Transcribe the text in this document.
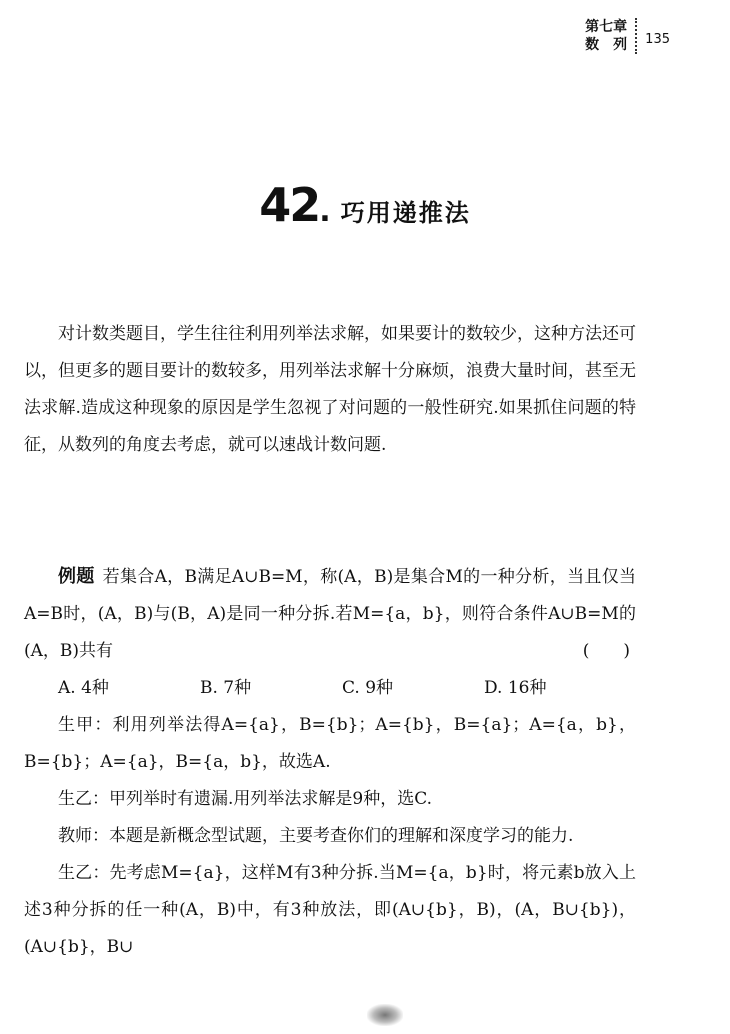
第七章
数　列	135
42. 巧用递推法

对计数类题目，学生往往利用列举法求解，如果要计的数较少，这种方法还可以，但更多的题目要计的数较多，用列举法求解十分麻烦，浪费大量时间，甚至无法求解.造成这种现象的原因是学生忽视了对问题的一般性研究.如果抓住问题的特征，从数列的角度去考虑，就可以速战计数问题.

例题 若集合A，B满足A∪B=M，称(A，B)是集合M的一种分析，当且仅当A=B时，(A，B)与(B，A)是同一种分拆.若M={a，b}，则符合条件A∪B=M的(A，B)共有	(　　)

A. 4种	B. 7种	C. 9种	D. 16种

生甲：利用列举法得A={a}，B={b}；A={b}，B={a}；A={a，b}，B={b}；A={a}，B={a，b}，故选A.

生乙：甲列举时有遗漏.用列举法求解是9种，选C.

教师：本题是新概念型试题，主要考查你们的理解和深度学习的能力.

生乙：先考虑M={a}，这样M有3种分拆.当M={a，b}时，将元素b放入上述3种分拆的任一种(A，B)中，有3种放法，即(A∪{b}，B)，(A，B∪{b})，(A∪{b}，B∪
